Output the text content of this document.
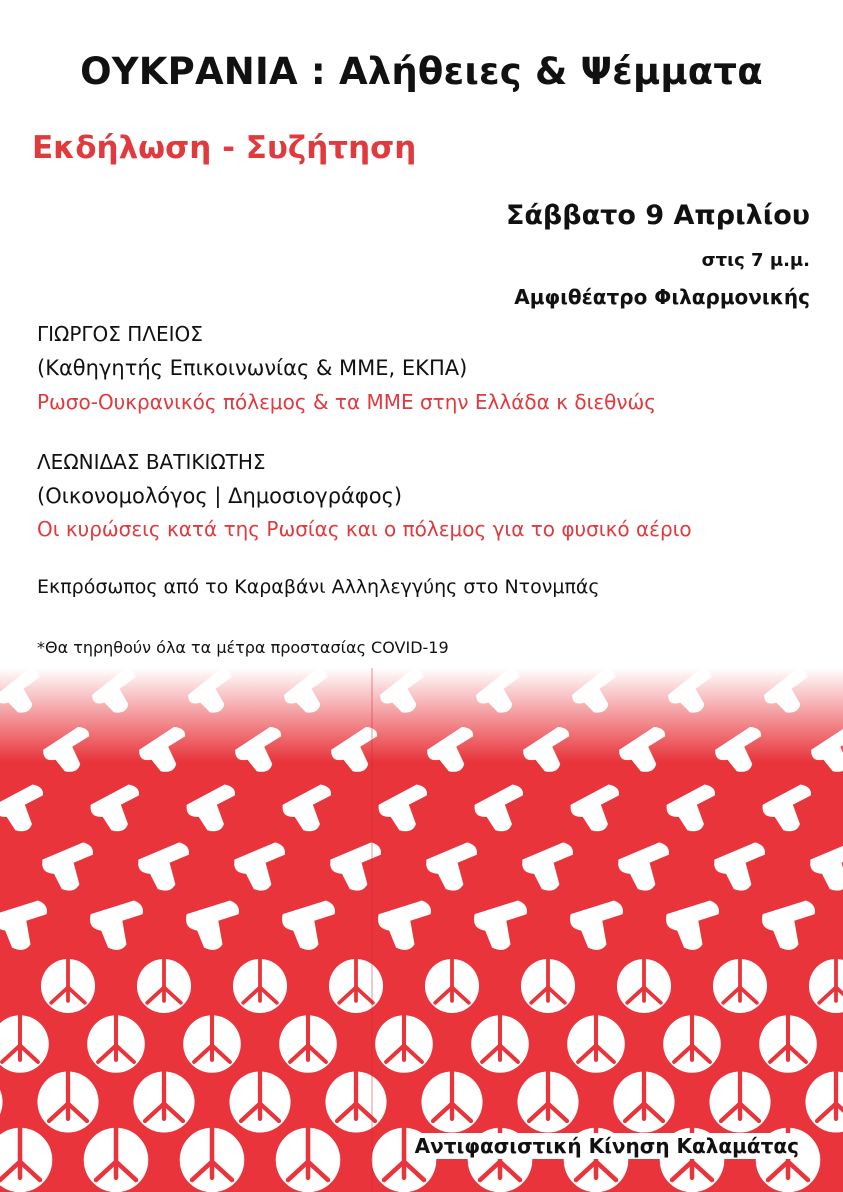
ΟΥΚΡΑΝΙΑ : Αλήθειες & Ψέμματα
Εκδήλωση - Συζήτηση
Σάββατο 9 Απριλίου
στις 7 μ.μ.
Αμφιθέατρο Φιλαρμονικής
ΓΙΩΡΓΟΣ ΠΛΕΙΟΣ
(Καθηγητής Επικοινωνίας & ΜΜΕ, ΕΚΠΑ)
Ρωσο-Ουκρανικός πόλεμος & τα ΜΜΕ στην Ελλάδα κ διεθνώς
ΛΕΩΝΙΔΑΣ ΒΑΤΙΚΙΩΤΗΣ
(Οικονομολόγος | Δημοσιογράφος)
Οι κυρώσεις κατά της Ρωσίας και ο πόλεμος για το φυσικό αέριο
Εκπρόσωπος από το Καραβάνι Αλληλεγγύης στο Ντονμπάς
*Θα τηρηθούν όλα τα μέτρα προστασίας COVID-19
Αντιφασιστική Κίνηση Καλαμάτας
